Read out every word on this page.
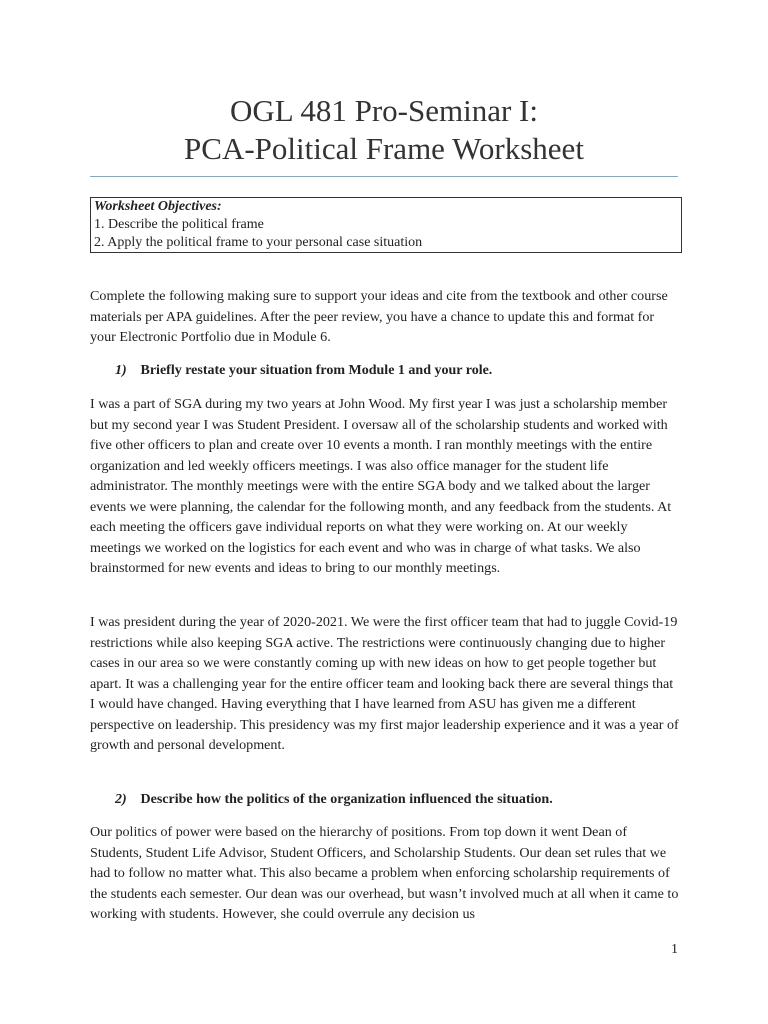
OGL 481 Pro-Seminar I:
PCA-Political Frame Worksheet
Worksheet Objectives:
1. Describe the political frame
2. Apply the political frame to your personal case situation

Complete the following making sure to support your ideas and cite from the textbook and other course materials per APA guidelines. After the peer review, you have a chance to update this and format for your Electronic Portfolio due in Module 6.

1) Briefly restate your situation from Module 1 and your role.

I was a part of SGA during my two years at John Wood. My first year I was just a scholarship member but my second year I was Student President. I oversaw all of the scholarship students and worked with five other officers to plan and create over 10 events a month. I ran monthly meetings with the entire organization and led weekly officers meetings. I was also office manager for the student life administrator. The monthly meetings were with the entire SGA body and we talked about the larger events we were planning, the calendar for the following month, and any feedback from the students. At each meeting the officers gave individual reports on what they were working on. At our weekly meetings we worked on the logistics for each event and who was in charge of what tasks. We also brainstormed for new events and ideas to bring to our monthly meetings.

I was president during the year of 2020-2021. We were the first officer team that had to juggle Covid-19 restrictions while also keeping SGA active. The restrictions were continuously changing due to higher cases in our area so we were constantly coming up with new ideas on how to get people together but apart. It was a challenging year for the entire officer team and looking back there are several things that I would have changed. Having everything that I have learned from ASU has given me a different perspective on leadership. This presidency was my first major leadership experience and it was a year of growth and personal development.

2) Describe how the politics of the organization influenced the situation.

Our politics of power were based on the hierarchy of positions. From top down it went Dean of Students, Student Life Advisor, Student Officers, and Scholarship Students. Our dean set rules that we had to follow no matter what. This also became a problem when enforcing scholarship requirements of the students each semester. Our dean was our overhead, but wasn’t involved much at all when it came to working with students. However, she could overrule any decision us

1
